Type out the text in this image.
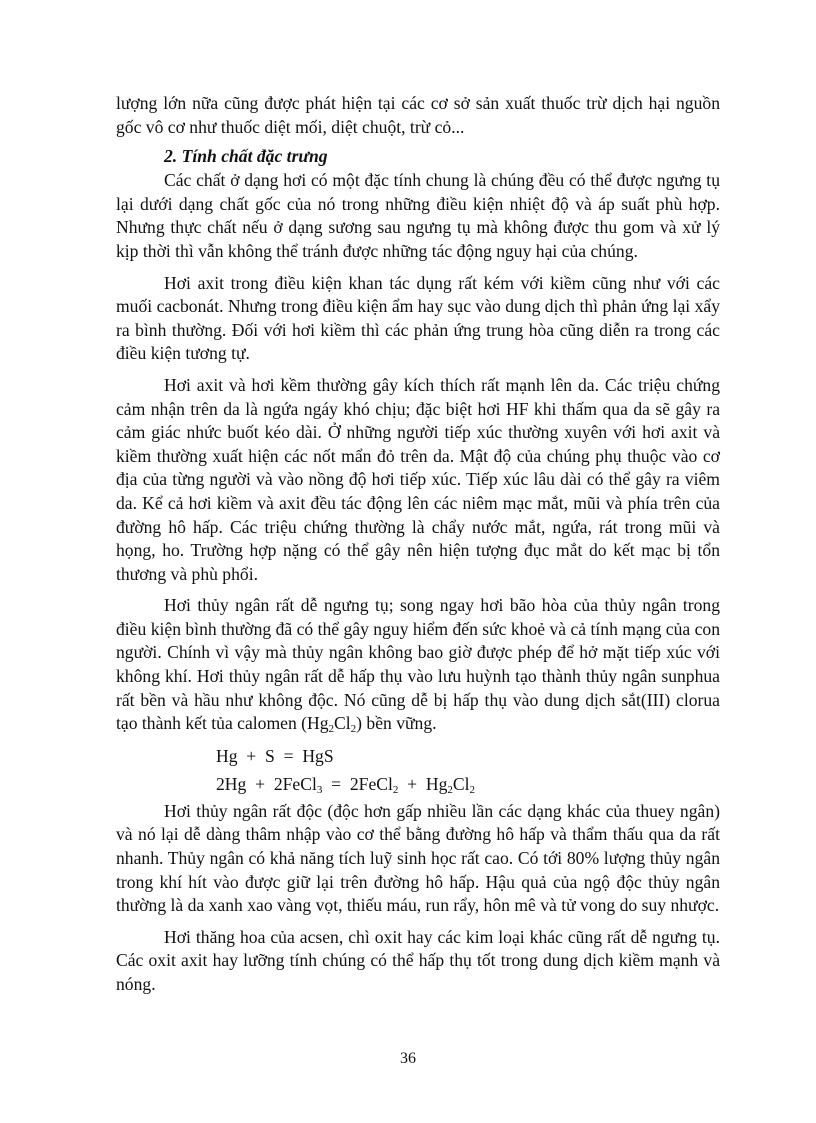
lượng lớn nữa cũng được phát hiện tại các cơ sở sản xuất thuốc trừ dịch hại nguồn gốc vô cơ như thuốc diệt mối, diệt chuột, trừ cỏ...

2. Tính chất đặc trưng

Các chất ở dạng hơi có một đặc tính chung là chúng đều có thể được ngưng tụ lại dưới dạng chất gốc của nó trong những điều kiện nhiệt độ và áp suất phù hợp. Nhưng thực chất nếu ở dạng sương sau ngưng tụ mà không được thu gom và xử lý kịp thời thì vẫn không thể tránh được những tác động nguy hại của chúng.

Hơi axit trong điều kiện khan tác dụng rất kém với kiềm cũng như với các muối cacbonát. Nhưng trong điều kiện ẩm hay sục vào dung dịch thì phản ứng lại xẩy ra bình thường. Đối với hơi kiềm thì các phản ứng trung hòa cũng diễn ra trong các điều kiện tương tự.

Hơi axit và hơi kềm thường gây kích thích rất mạnh lên da. Các triệu chứng cảm nhận trên da là ngứa ngáy khó chịu; đặc biệt hơi HF khi thấm qua da sẽ gây ra cảm giác nhức buốt kéo dài. Ở những người tiếp xúc thường xuyên với hơi axit và kiềm thường xuất hiện các nốt mẩn đỏ trên da. Mật độ của chúng phụ thuộc vào cơ địa của từng người và vào nồng độ hơi tiếp xúc. Tiếp xúc lâu dài có thể gây ra viêm da. Kể cả hơi kiềm và axit đều tác động lên các niêm mạc mắt, mũi và phía trên của đường hô hấp. Các triệu chứng thường là chẩy nước mắt, ngứa, rát trong mũi và họng, ho. Trường hợp nặng có thể gây nên hiện tượng đục mắt do kết mạc bị tổn thương và phù phổi.

Hơi thủy ngân rất dễ ngưng tụ; song ngay hơi bão hòa của thủy ngân trong điều kiện bình thường đã có thể gây nguy hiểm đến sức khoẻ và cả tính mạng của con người. Chính vì vậy mà thủy ngân không bao giờ được phép để hở mặt tiếp xúc với không khí. Hơi thủy ngân rất dễ hấp thụ vào lưu huỳnh tạo thành thủy ngân sunphua rất bền và hầu như không độc. Nó cũng dễ bị hấp thụ vào dung dịch sắt(III) clorua tạo thành kết tủa calomen $(Hg_2Cl_2)$ bền vững.

Hg  +  S  =  HgS
2Hg  +  2FeCl$_3$  =  2FeCl$_2$  +  $Hg_2Cl_2$

Hơi thủy ngân rất độc (độc hơn gấp nhiều lần các dạng khác của thuey ngân) và nó lại dễ dàng thâm nhập vào cơ thể bằng đường hô hấp và thẩm thấu qua da rất nhanh. Thủy ngân có khả năng tích luỹ sinh học rất cao. Có tới 80% lượng thủy ngân trong khí hít vào được giữ lại trên đường hô hấp. Hậu quả của ngộ độc thủy ngân thường là da xanh xao vàng vọt, thiếu máu, run rẩy, hôn mê và tử vong do suy nhược.

Hơi thăng hoa của acsen, chì oxit hay các kim loại khác cũng rất dễ ngưng tụ. Các oxit axit hay lưỡng tính chúng có thể hấp thụ tốt trong dung dịch kiềm mạnh và nóng.

36
